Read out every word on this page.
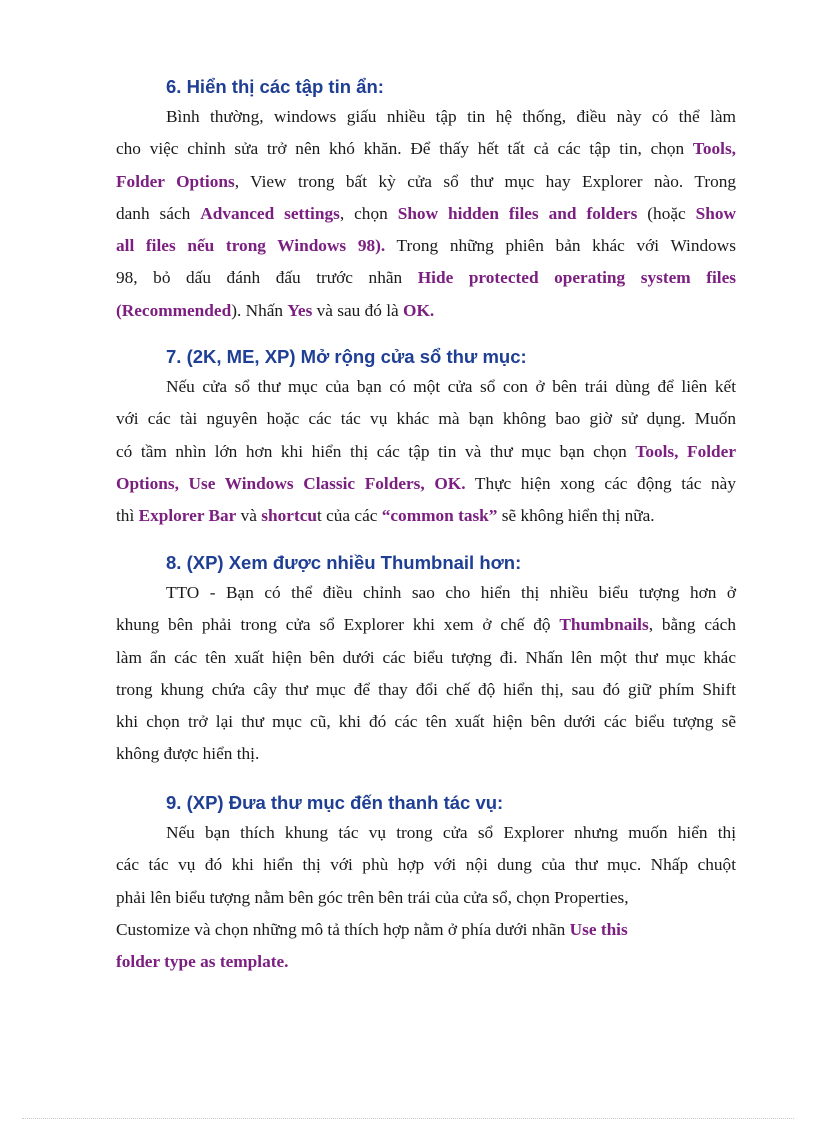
6. Hiển thị các tập tin ẩn:
Bình thường, windows giấu nhiều tập tin hệ thống, điều này có thể làm
cho việc chỉnh sửa trở nên khó khăn. Để thấy hết tất cả các tập tin, chọn Tools,
Folder Options, View trong bất kỳ cửa sổ thư mục hay Explorer nào. Trong
danh sách Advanced settings, chọn Show hidden files and folders (hoặc Show
all files nếu trong Windows 98). Trong những phiên bản khác với Windows
98, bỏ dấu đánh đấu trước nhãn Hide protected operating system files
(Recommended). Nhấn Yes và sau đó là OK.
7. (2K, ME, XP) Mở rộng cửa sổ thư mục:
Nếu cửa sổ thư mục của bạn có một cửa sổ con ở bên trái dùng để liên kết
với các tài nguyên hoặc các tác vụ khác mà bạn không bao giờ sử dụng. Muốn
có tầm nhìn lớn hơn khi hiển thị các tập tin và thư mục bạn chọn Tools, Folder
Options, Use Windows Classic Folders, OK. Thực hiện xong các động tác này
thì Explorer Bar và shortcut của các “common task” sẽ không hiển thị nữa.
8. (XP) Xem được nhiều Thumbnail hơn:
TTO - Bạn có thể điều chỉnh sao cho hiển thị nhiều biểu tượng hơn ở
khung bên phải trong cửa sổ Explorer khi xem ở chế độ Thumbnails, bằng cách
làm ẩn các tên xuất hiện bên dưới các biểu tượng đi. Nhấn lên một thư mục khác
trong khung chứa cây thư mục để thay đổi chế độ hiển thị, sau đó giữ phím Shift
khi chọn trở lại thư mục cũ, khi đó các tên xuất hiện bên dưới các biểu tượng sẽ
không được hiển thị.
9. (XP) Đưa thư mục đến thanh tác vụ:
Nếu bạn thích khung tác vụ trong cửa sổ Explorer nhưng muốn hiển thị
các tác vụ đó khi hiển thị với phù hợp với nội dung của thư mục. Nhấp chuột
phải lên biểu tượng nằm bên góc trên bên trái của cửa sổ, chọn Properties,
Customize và chọn những mô tả thích hợp nằm ở phía dưới nhãn Use this
folder type as template.
